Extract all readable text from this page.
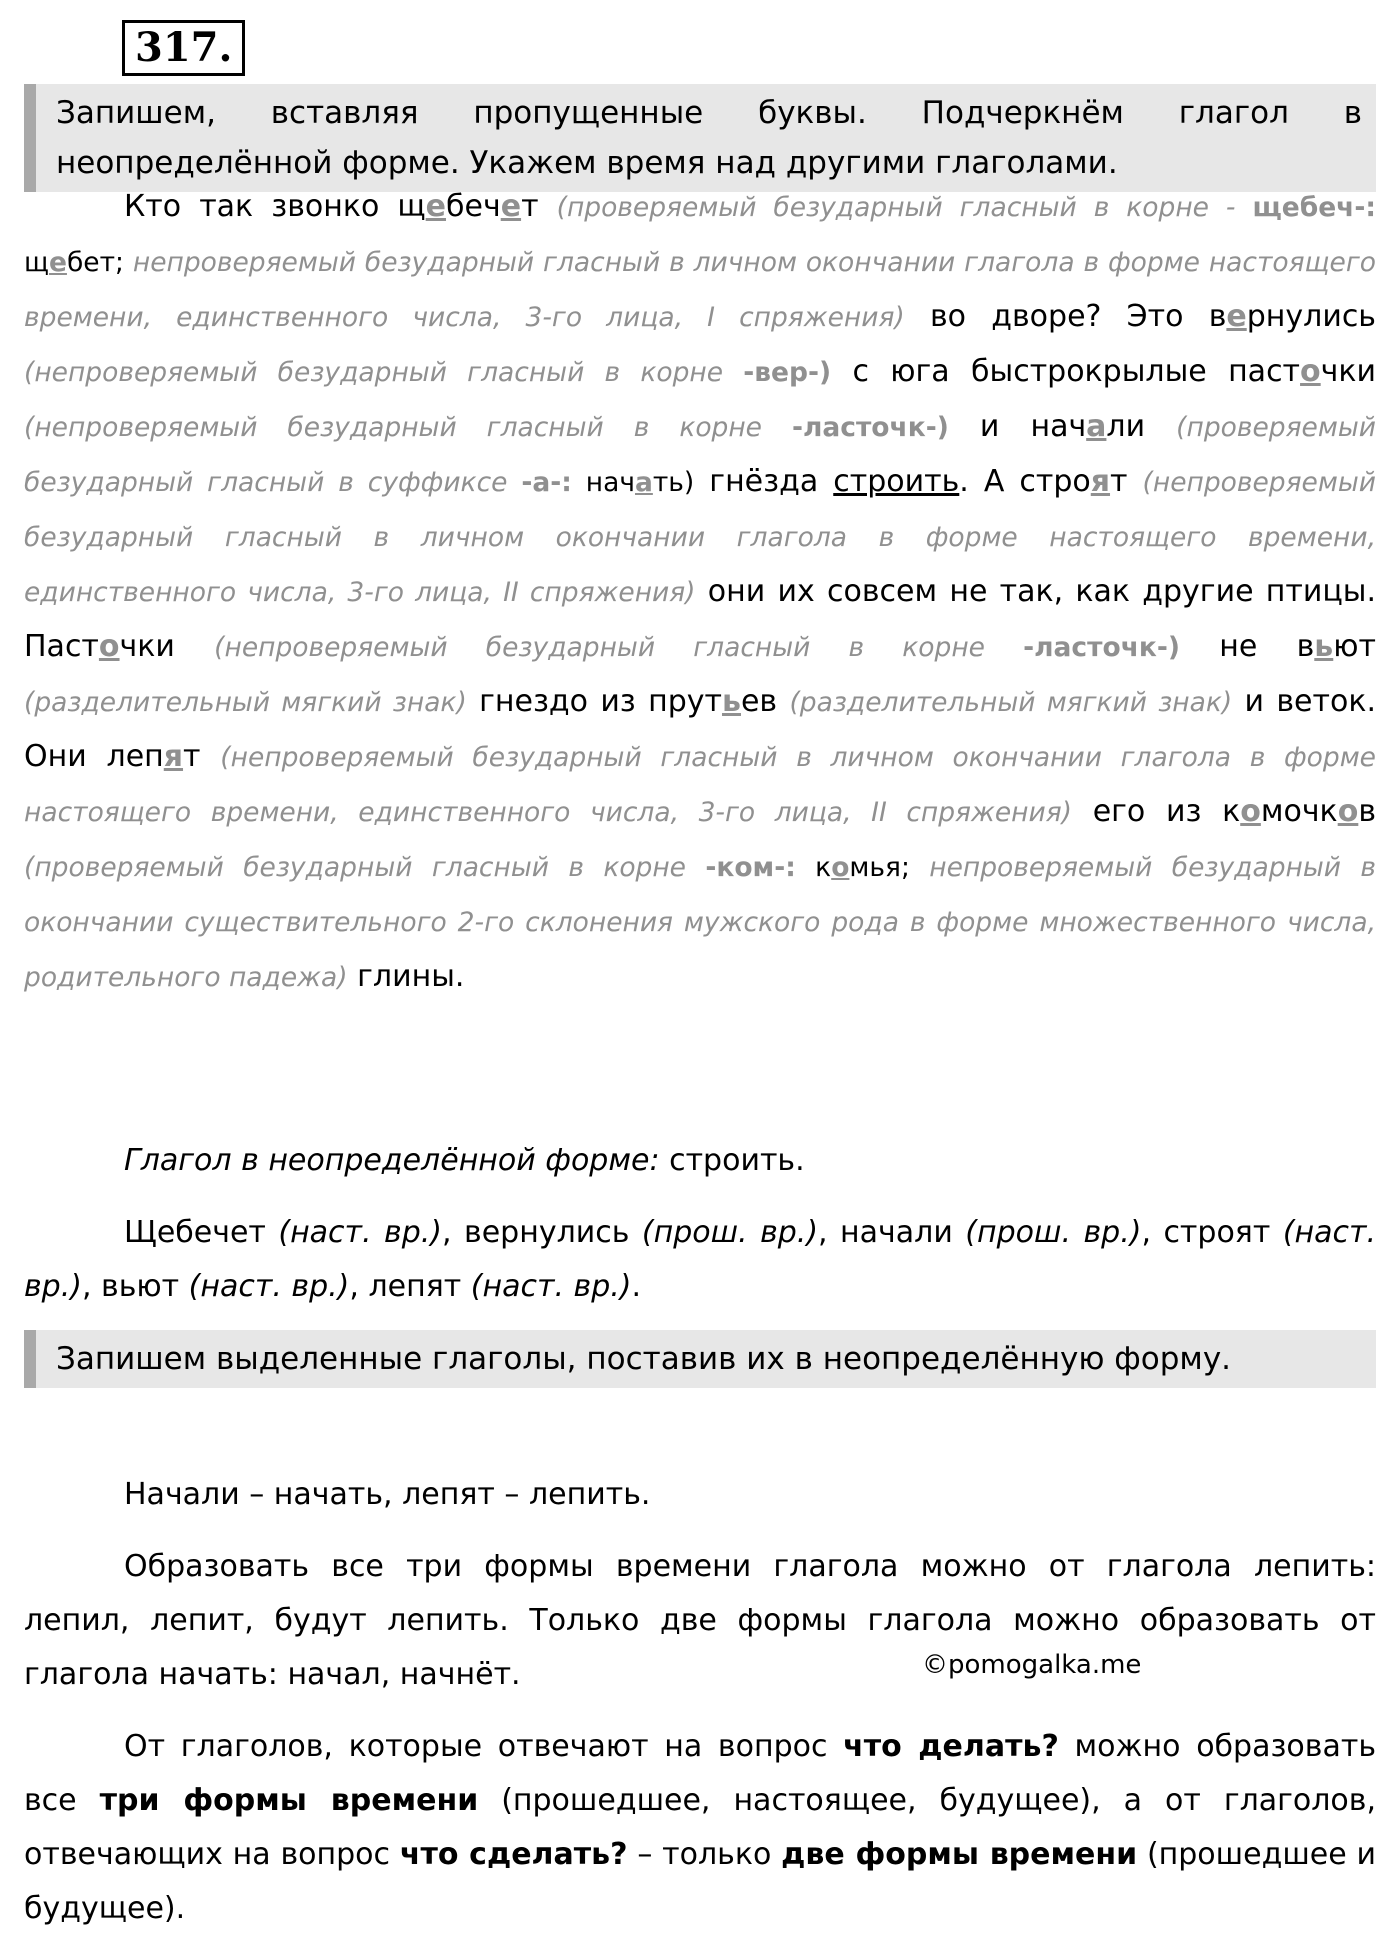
317.
Запишем, вставляя пропущенные буквы. Подчеркнём глагол в неопределённой форме. Укажем время над другими глаголами.

Кто так звонко щебечет (проверяемый безударный гласный в корне - щебеч-: щебет; непроверяемый безударный гласный в личном окончании глагола в форме настоящего времени, единственного числа, 3-го лица, I спряжения) во дворе? Это вернулись (непроверяемый безударный гласный в корне -вер-) с юга быстрокрылые пасточки (непроверяемый безударный гласный в корне -ласточк-) и начали (проверяемый безударный гласный в суффиксе -а-: начать) гнёзда строить. А строят (непроверяемый безударный гласный в личном окончании глагола в форме настоящего времени, единственного числа, 3-го лица, II спряжения) они их совсем не так, как другие птицы. Пасточки (непроверяемый безударный гласный в корне -ласточк-) не вьют (разделительный мягкий знак) гнездо из прутьев (разделительный мягкий знак) и веток. Они лепят (непроверяемый безударный гласный в личном окончании глагола в форме настоящего времени, единственного числа, 3-го лица, II спряжения) его из комочков (проверяемый безударный гласный в корне -ком-: комья; непроверяемый безударный в окончании существительного 2-го склонения мужского рода в форме множественного числа, родительного падежа) глины.

Глагол в неопределённой форме: строить.

Щебечет (наст. вр.), вернулись (прош. вр.), начали (прош. вр.), строят (наст. вр.), вьют (наст. вр.), лепят (наст. вр.).

Запишем выделенные глаголы, поставив их в неопределённую форму.

Начали – начать, лепят – лепить.

Образовать все три формы времени глагола можно от глагола лепить: лепил, лепит, будут лепить. Только две формы глагола можно образовать от глагола начать: начал, начнёт.

От глаголов, которые отвечают на вопрос что делать? можно образовать все три формы времени (прошедшее, настоящее, будущее), а от глаголов, отвечающих на вопрос что сделать? – только две формы времени (прошедшее и будущее).

©pomogalka.me
